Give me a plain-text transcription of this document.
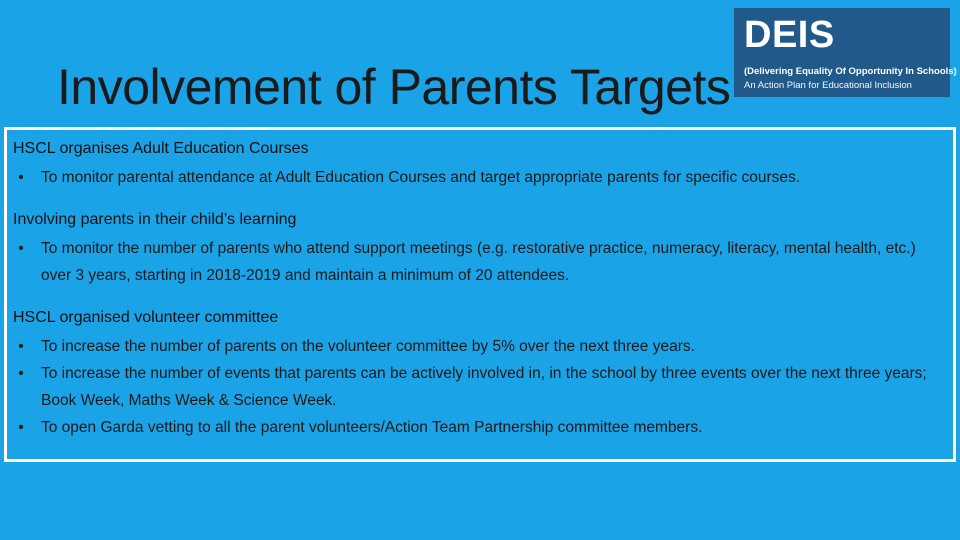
Involvement of Parents Targets
DEIS
(Delivering Equality Of Opportunity In Schools)
An Action Plan for Educational Inclusion
HSCL organises Adult Education Courses
• To monitor parental attendance at Adult Education Courses and target appropriate parents for specific courses.
Involving parents in their child’s learning
• To monitor the number of parents who attend support meetings (e.g. restorative practice, numeracy, literacy, mental health, etc.) over 3 years, starting in 2018-2019 and maintain a minimum of 20 attendees.
HSCL organised volunteer committee
• To increase the number of parents on the volunteer committee by 5% over the next three years.
• To increase the number of events that parents can be actively involved in, in the school by three events over the next three years; Book Week, Maths Week & Science Week.
• To open Garda vetting to all the parent volunteers/Action Team Partnership committee members.
